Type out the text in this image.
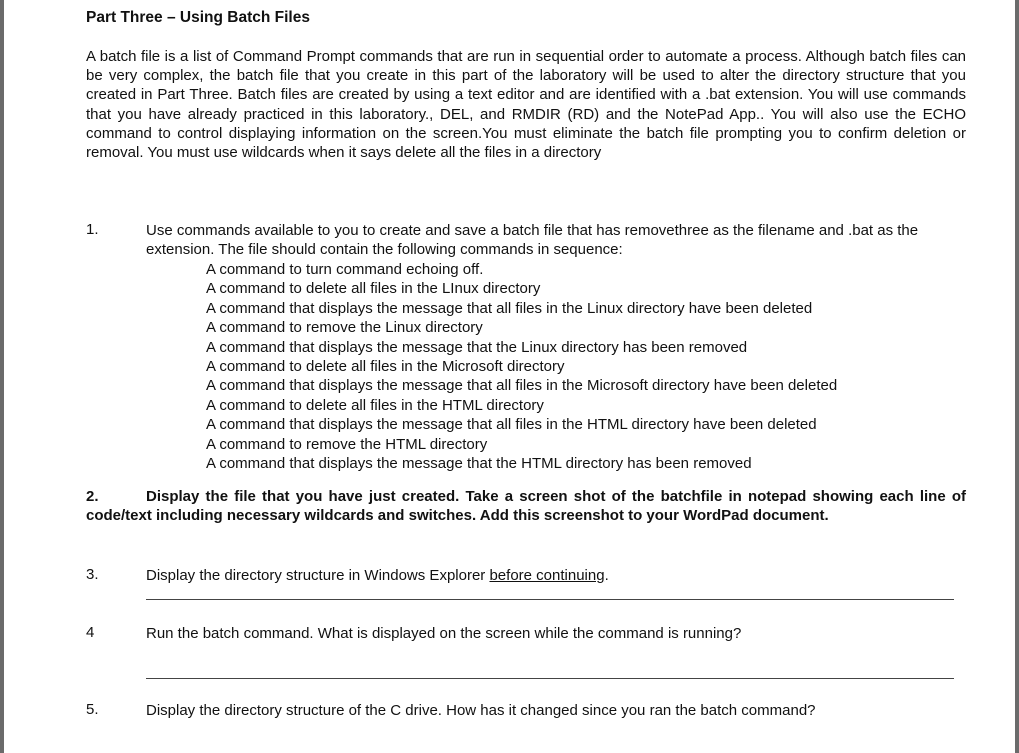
Part Three – Using Batch Files
A batch file is a list of Command Prompt commands that are run in sequential order to automate a process. Although batch files can be very complex, the batch file that you create in this part of the laboratory will be used to alter the directory structure that you created in Part Three. Batch files are created by using a text editor and are identified with a .bat extension. You will use commands that you have already practiced in this laboratory., DEL, and RMDIR (RD) and the NotePad App.. You will also use the ECHO command to control displaying information on the screen.You must eliminate the batch file prompting you to confirm deletion or removal. You must use wildcards when it says delete all the files in a directory
1.	Use commands available to you to create and save a batch file that has removethree as the filename and .bat as the extension. The file should contain the following commands in sequence:
A command to turn command echoing off.
A command to delete all files in the LInux directory
A command that displays the message that all files in the Linux directory have been deleted
A command to remove the Linux directory
A command that displays the message that the Linux directory has been removed
A command to delete all files in the Microsoft directory
A command that displays the message that all files in the Microsoft directory have been deleted
A command to delete all files in the HTML directory
A command that displays the message that all files in the HTML directory have been deleted
A command to remove the HTML directory
A command that displays the message that the HTML directory has been removed
2.	Display the file that you have just created. Take a screen shot of the batchfile in notepad showing each line of code/text including necessary wildcards and switches. Add this screenshot to your WordPad document.
3.	Display the directory structure in Windows Explorer before continuing.
4	Run the batch command. What is displayed on the screen while the command is running?
5.	Display the directory structure of the C drive. How has it changed since you ran the batch command?
